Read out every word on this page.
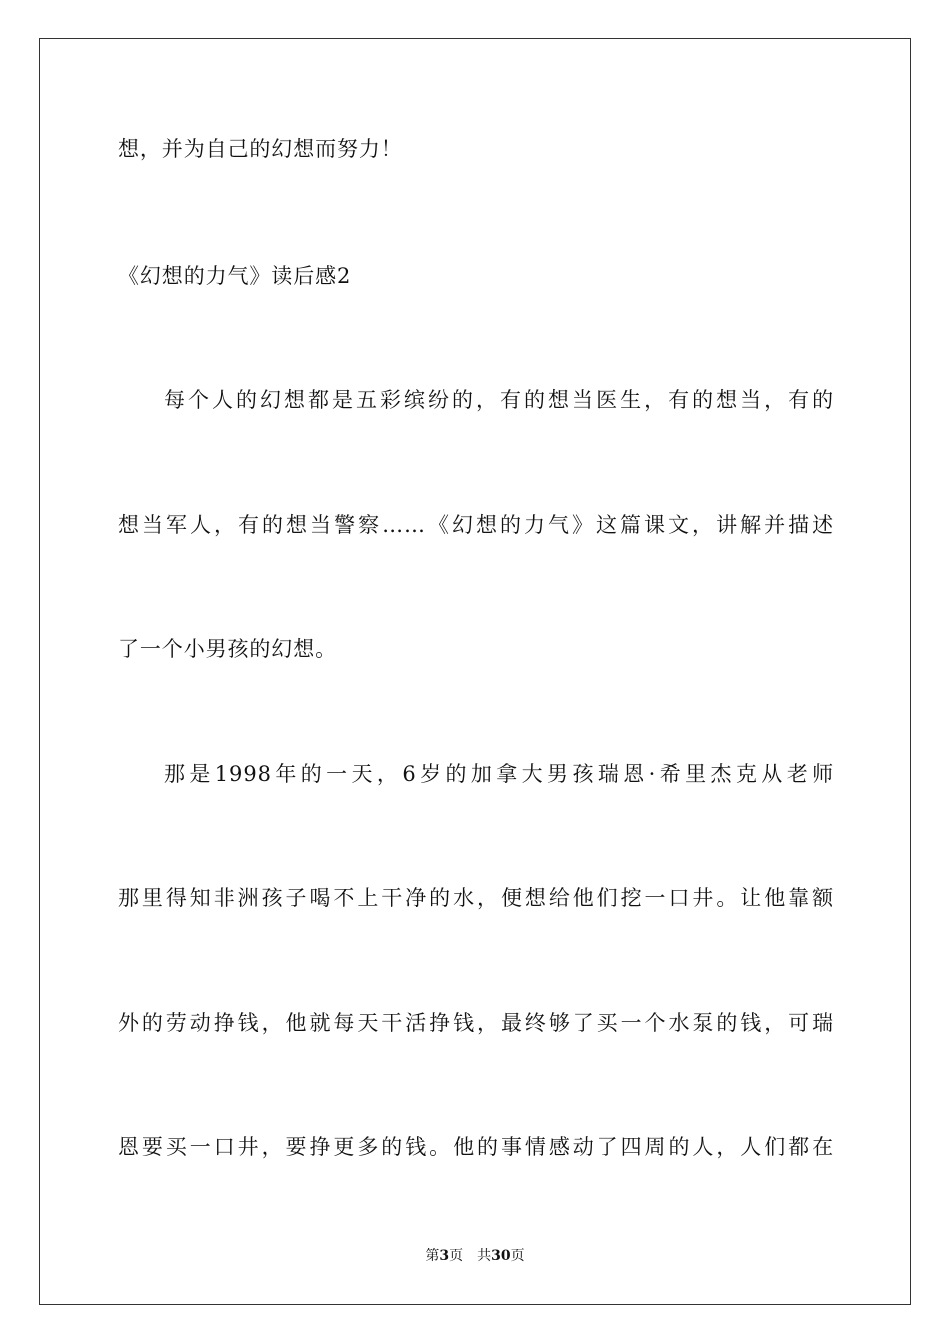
想，并为自己的幻想而努力！
《幻想的力气》读后感2
每个人的幻想都是五彩缤纷的，有的想当医生，有的想当，有的
想当军人，有的想当警察……《幻想的力气》这篇课文，讲解并描述
了一个小男孩的幻想。
那是1998年的一天，6岁的加拿大男孩瑞恩·希里杰克从老师
那里得知非洲孩子喝不上干净的水，便想给他们挖一口井。让他靠额
外的劳动挣钱，他就每天干活挣钱，最终够了买一个水泵的钱，可瑞
恩要买一口井，要挣更多的钱。他的事情感动了四周的人，人们都在
第3页 共30页
